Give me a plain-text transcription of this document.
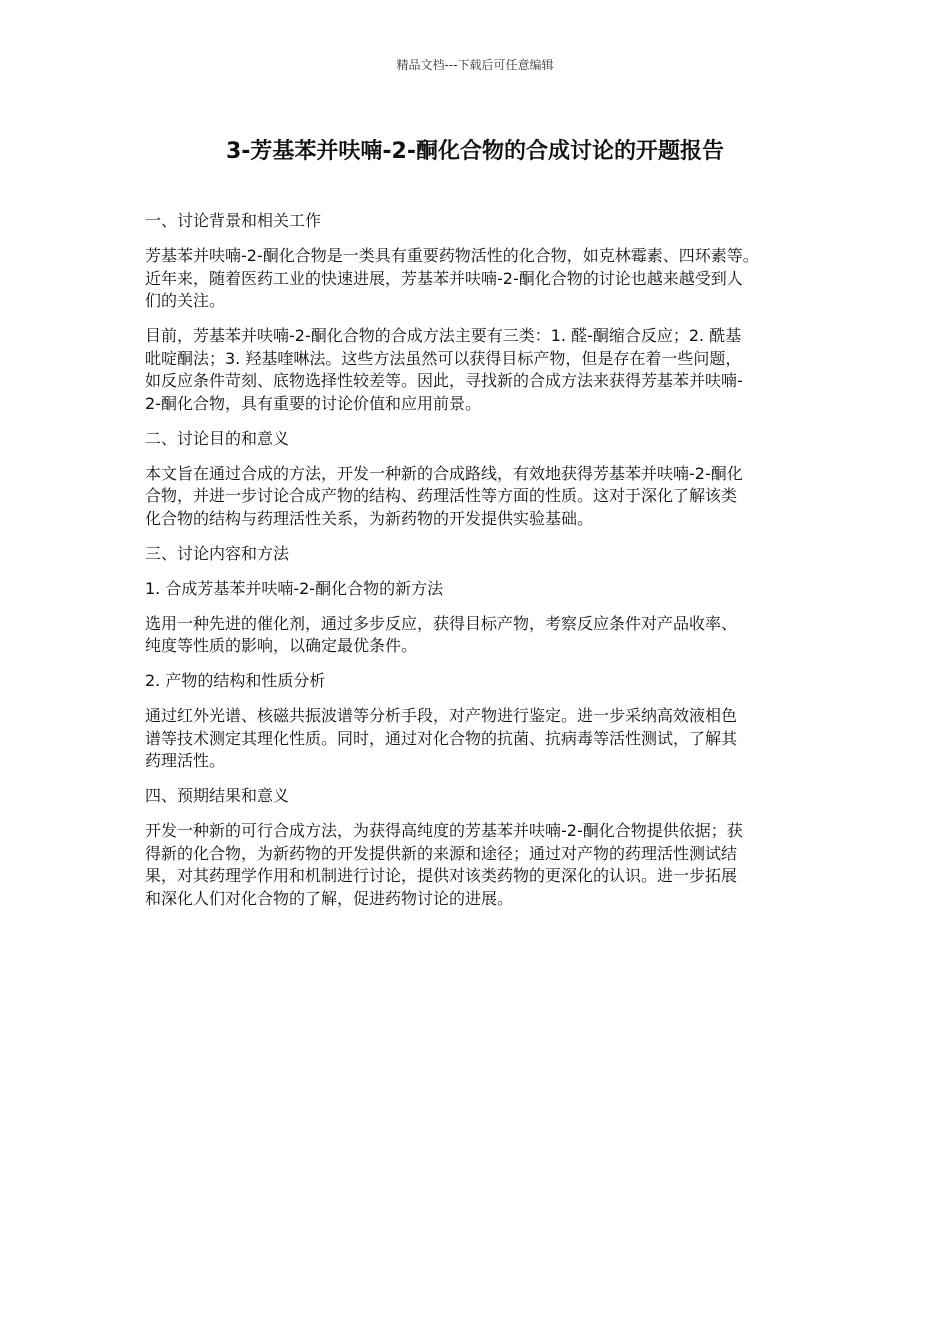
精品文档---下载后可任意编辑
3-芳基苯并呋喃-2-酮化合物的合成讨论的开题报告

一、讨论背景和相关工作

芳基苯并呋喃-2-酮化合物是一类具有重要药物活性的化合物，如克林霉素、四环素等。
近年来，随着医药工业的快速进展，芳基苯并呋喃-2-酮化合物的讨论也越来越受到人
们的关注。

目前，芳基苯并呋喃-2-酮化合物的合成方法主要有三类：1. 醛-酮缩合反应；2. 酰基
吡啶酮法；3. 羟基喹啉法。这些方法虽然可以获得目标产物，但是存在着一些问题，
如反应条件苛刻、底物选择性较差等。因此，寻找新的合成方法来获得芳基苯并呋喃-
2-酮化合物，具有重要的讨论价值和应用前景。

二、讨论目的和意义

本文旨在通过合成的方法，开发一种新的合成路线，有效地获得芳基苯并呋喃-2-酮化
合物，并进一步讨论合成产物的结构、药理活性等方面的性质。这对于深化了解该类
化合物的结构与药理活性关系，为新药物的开发提供实验基础。

三、讨论内容和方法

1. 合成芳基苯并呋喃-2-酮化合物的新方法

选用一种先进的催化剂，通过多步反应，获得目标产物，考察反应条件对产品收率、
纯度等性质的影响，以确定最优条件。

2. 产物的结构和性质分析

通过红外光谱、核磁共振波谱等分析手段，对产物进行鉴定。进一步采纳高效液相色
谱等技术测定其理化性质。同时，通过对化合物的抗菌、抗病毒等活性测试，了解其
药理活性。

四、预期结果和意义

开发一种新的可行合成方法，为获得高纯度的芳基苯并呋喃-2-酮化合物提供依据；获
得新的化合物，为新药物的开发提供新的来源和途径；通过对产物的药理活性测试结
果，对其药理学作用和机制进行讨论，提供对该类药物的更深化的认识。进一步拓展
和深化人们对化合物的了解，促进药物讨论的进展。
